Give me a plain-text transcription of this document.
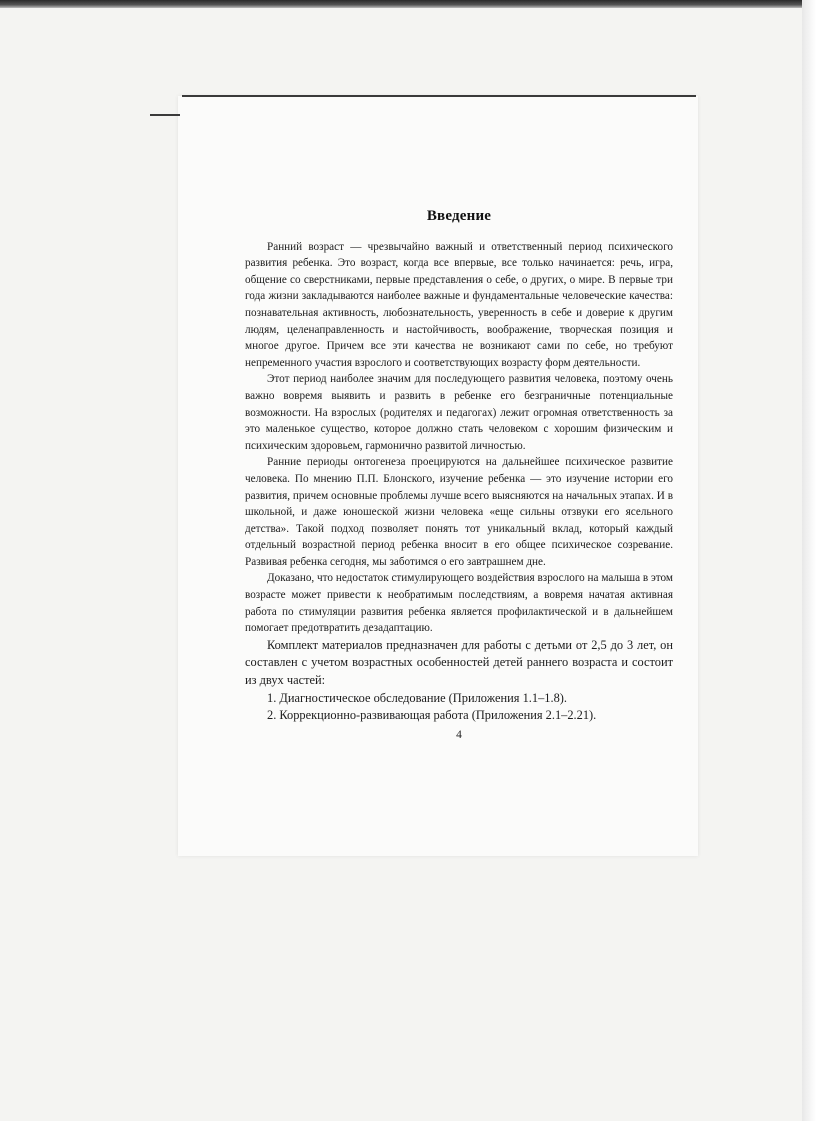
Введение

Ранний возраст — чрезвычайно важный и ответственный период психического развития ребенка. Это возраст, когда все впервые, все только начинается: речь, игра, общение со сверстниками, первые представления о себе, о других, о мире. В первые три года жизни закладываются наиболее важные и фундаментальные человеческие качества: познавательная активность, любознательность, уверенность в себе и доверие к другим людям, целенаправленность и настойчивость, воображение, творческая позиция и многое другое. Причем все эти качества не возникают сами по себе, но требуют непременного участия взрослого и соответствующих возрасту форм деятельности.

Этот период наиболее значим для последующего развития человека, поэтому очень важно вовремя выявить и развить в ребенке его безграничные потенциальные возможности. На взрослых (родителях и педагогах) лежит огромная ответственность за это маленькое существо, которое должно стать человеком с хорошим физическим и психическим здоровьем, гармонично развитой личностью.

Ранние периоды онтогенеза проецируются на дальнейшее психическое развитие человека. По мнению П.П. Блонского, изучение ребенка — это изучение истории его развития, причем основные проблемы лучше всего выясняются на начальных этапах. И в школьной, и даже юношеской жизни человека «еще сильны отзвуки его ясельного детства». Такой подход позволяет понять тот уникальный вклад, который каждый отдельный возрастной период ребенка вносит в его общее психическое созревание. Развивая ребенка сегодня, мы заботимся о его завтрашнем дне.

Доказано, что недостаток стимулирующего воздействия взрослого на малыша в этом возрасте может привести к необратимым последствиям, а вовремя начатая активная работа по стимуляции развития ребенка является профилактической и в дальнейшем помогает предотвратить дезадаптацию.

Комплект материалов предназначен для работы с детьми от 2,5 до 3 лет, он составлен с учетом возрастных особенностей детей раннего возраста и состоит из двух частей:

1. Диагностическое обследование (Приложения 1.1–1.8).

2. Коррекционно-развивающая работа (Приложения 2.1–2.21).

4
